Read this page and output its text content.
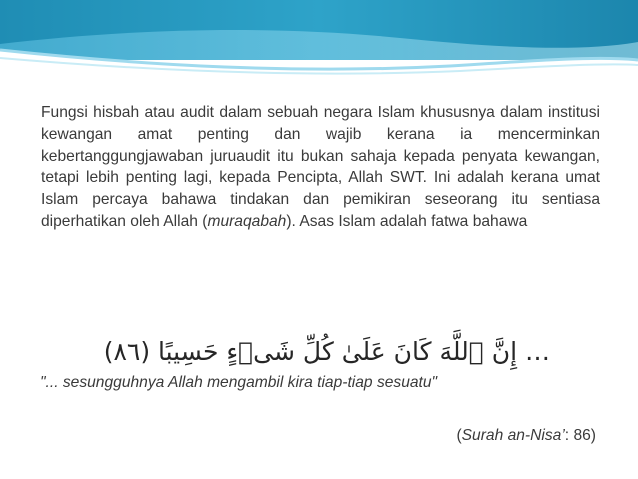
Fungsi hisbah atau audit dalam sebuah negara Islam khususnya dalam institusi kewangan amat penting dan wajib kerana ia mencerminkan kebertanggungjawaban juruaudit itu bukan sahaja kepada penyata kewangan, tetapi lebih penting lagi, kepada Pencipta, Allah SWT. Ini adalah kerana umat Islam percaya bahawa tindakan dan pemikiran seseorang itu sentiasa diperhatikan oleh Allah (muraqabah). Asas Islam adalah fatwa bahawa

… إِنَّ ٱللَّهَ كَانَ عَلَىٰ كُلِّ شَىۡءٍ حَسِيبًا (٨٦)

"... sesungguhnya Allah mengambil kira tiap-tiap sesuatu"

(Surah an-Nisa’: 86)
